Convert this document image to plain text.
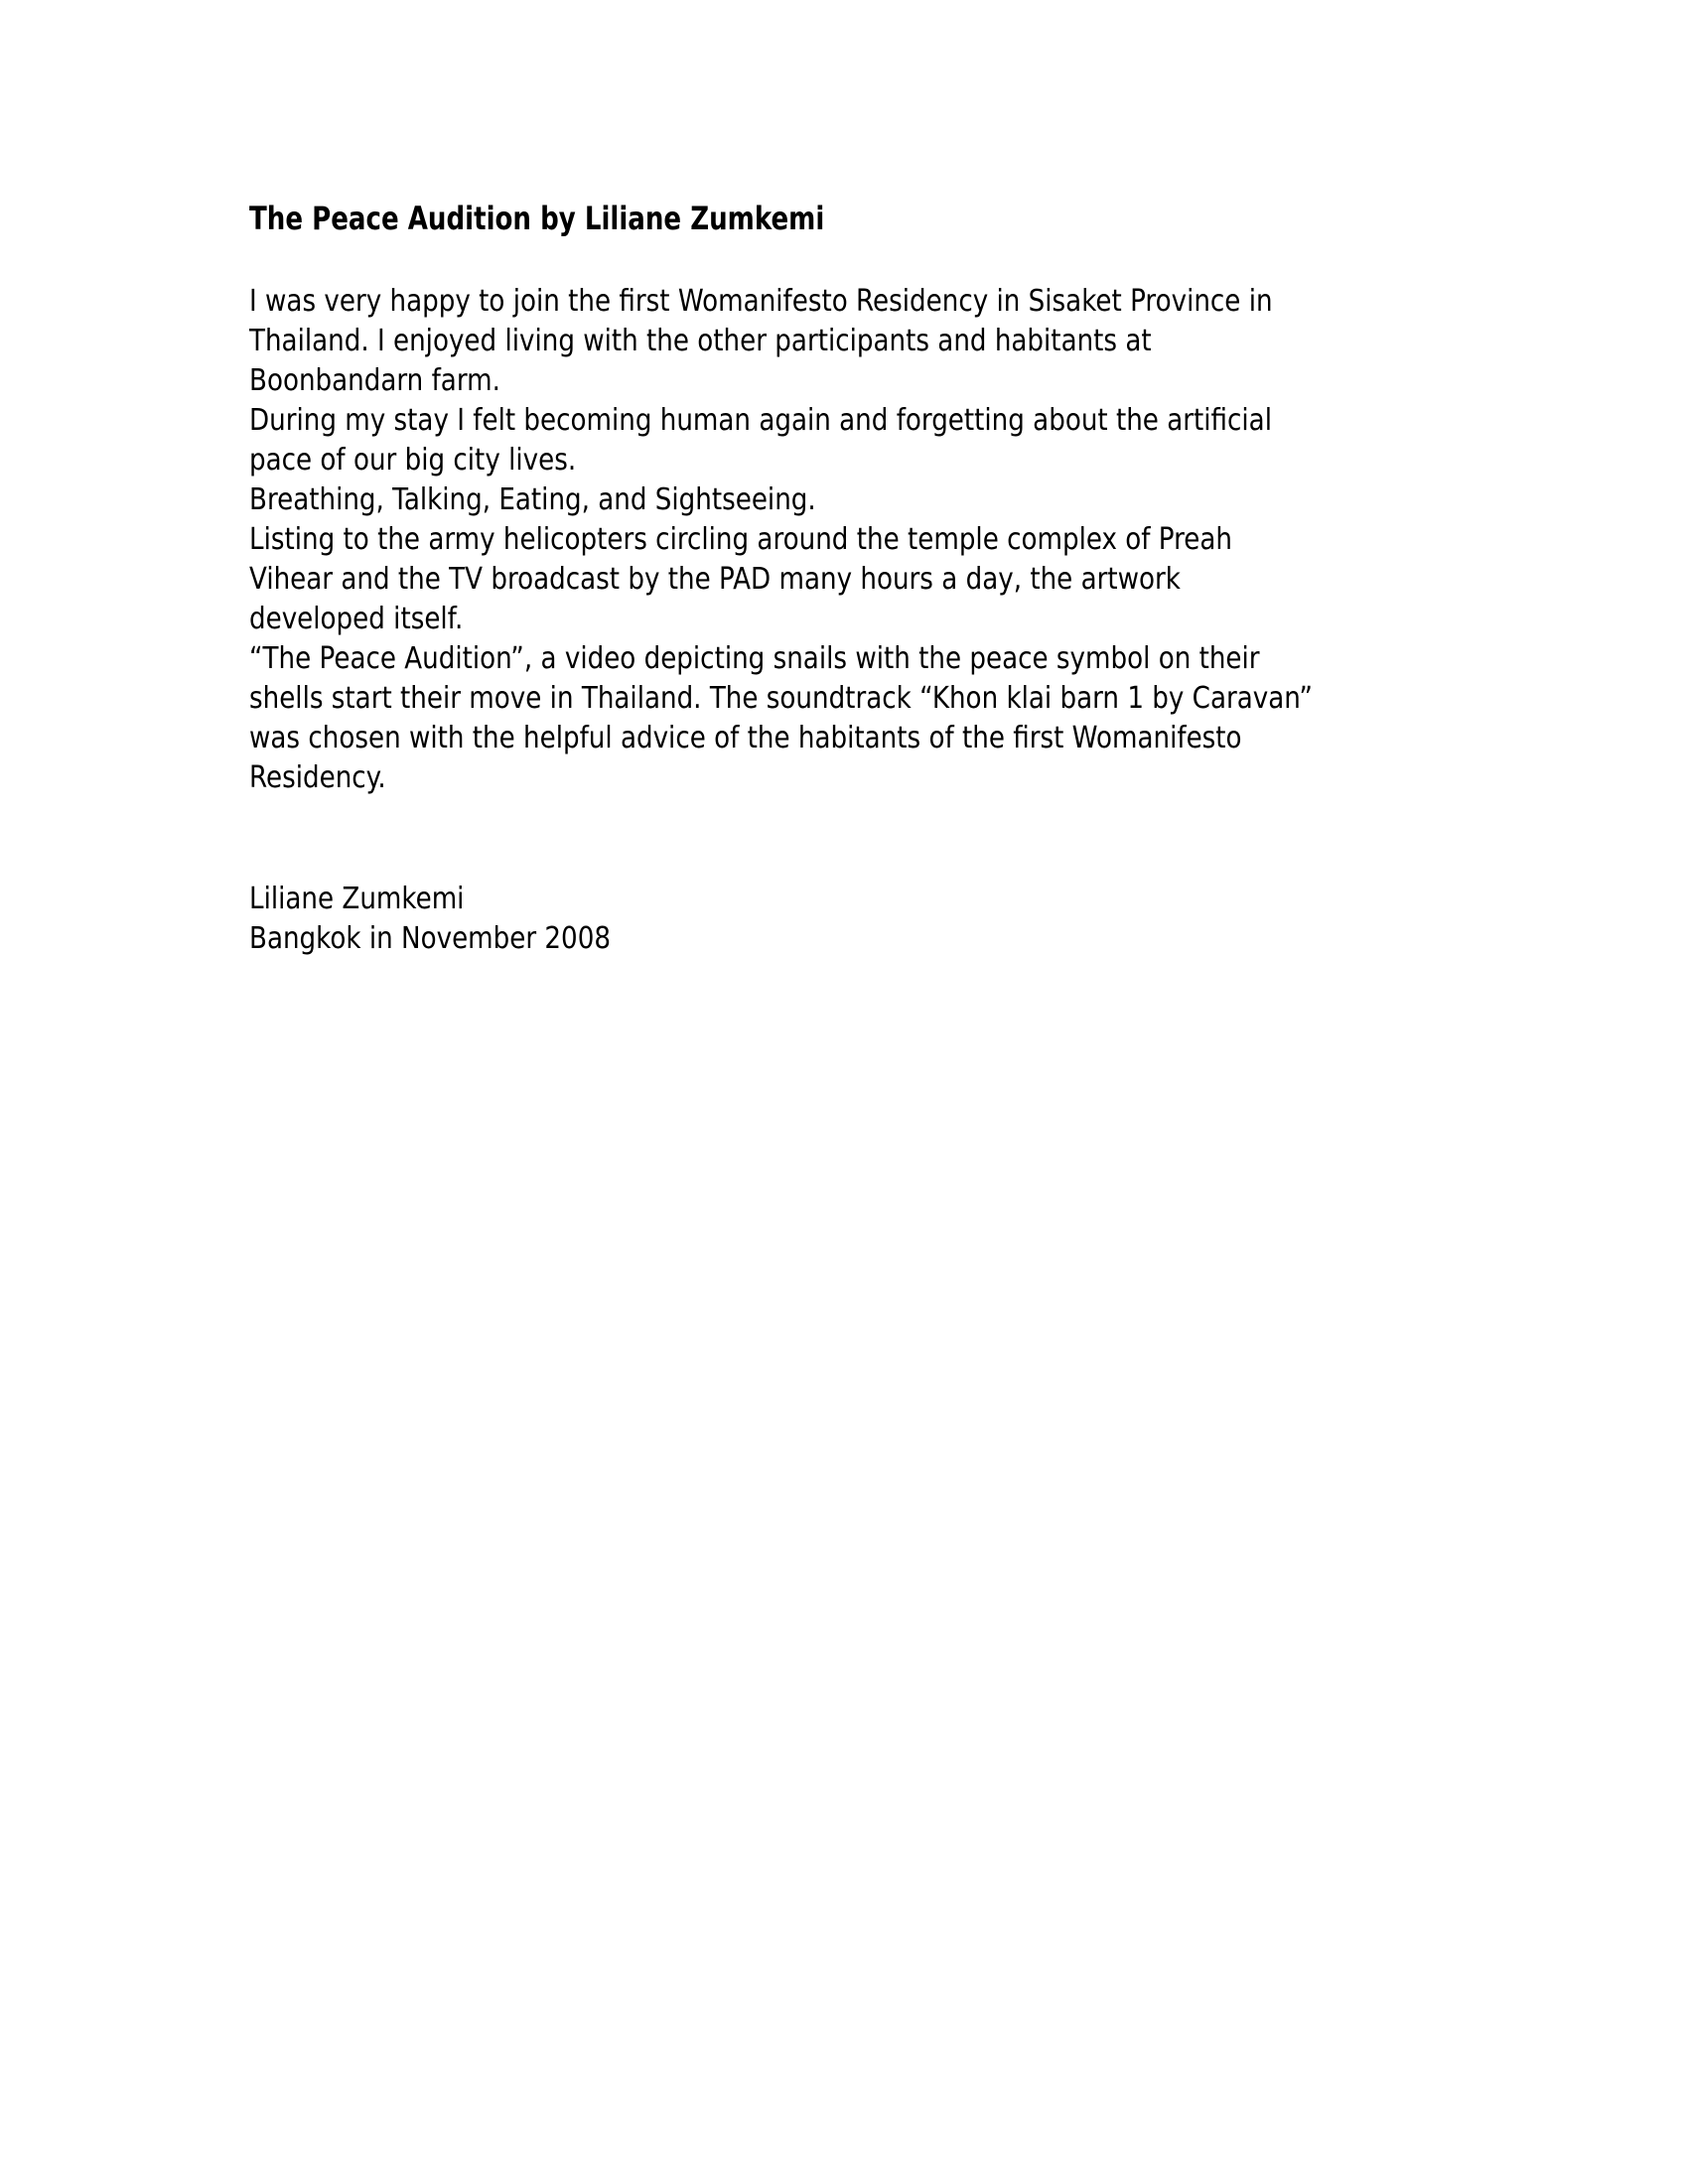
The Peace Audition by Liliane Zumkemi
I was very happy to join the first Womanifesto Residency in Sisaket Province in
Thailand. I enjoyed living with the other participants and habitants at
Boonbandarn farm.
During my stay I felt becoming human again and forgetting about the artificial
pace of our big city lives.
Breathing, Talking, Eating, and Sightseeing.
Listing to the army helicopters circling around the temple complex of Preah
Vihear and the TV broadcast by the PAD many hours a day, the artwork
developed itself.
“The Peace Audition”, a video depicting snails with the peace symbol on their
shells start their move in Thailand. The soundtrack “Khon klai barn 1 by Caravan”
was chosen with the helpful advice of the habitants of the first Womanifesto
Residency.
Liliane Zumkemi
Bangkok in November 2008
